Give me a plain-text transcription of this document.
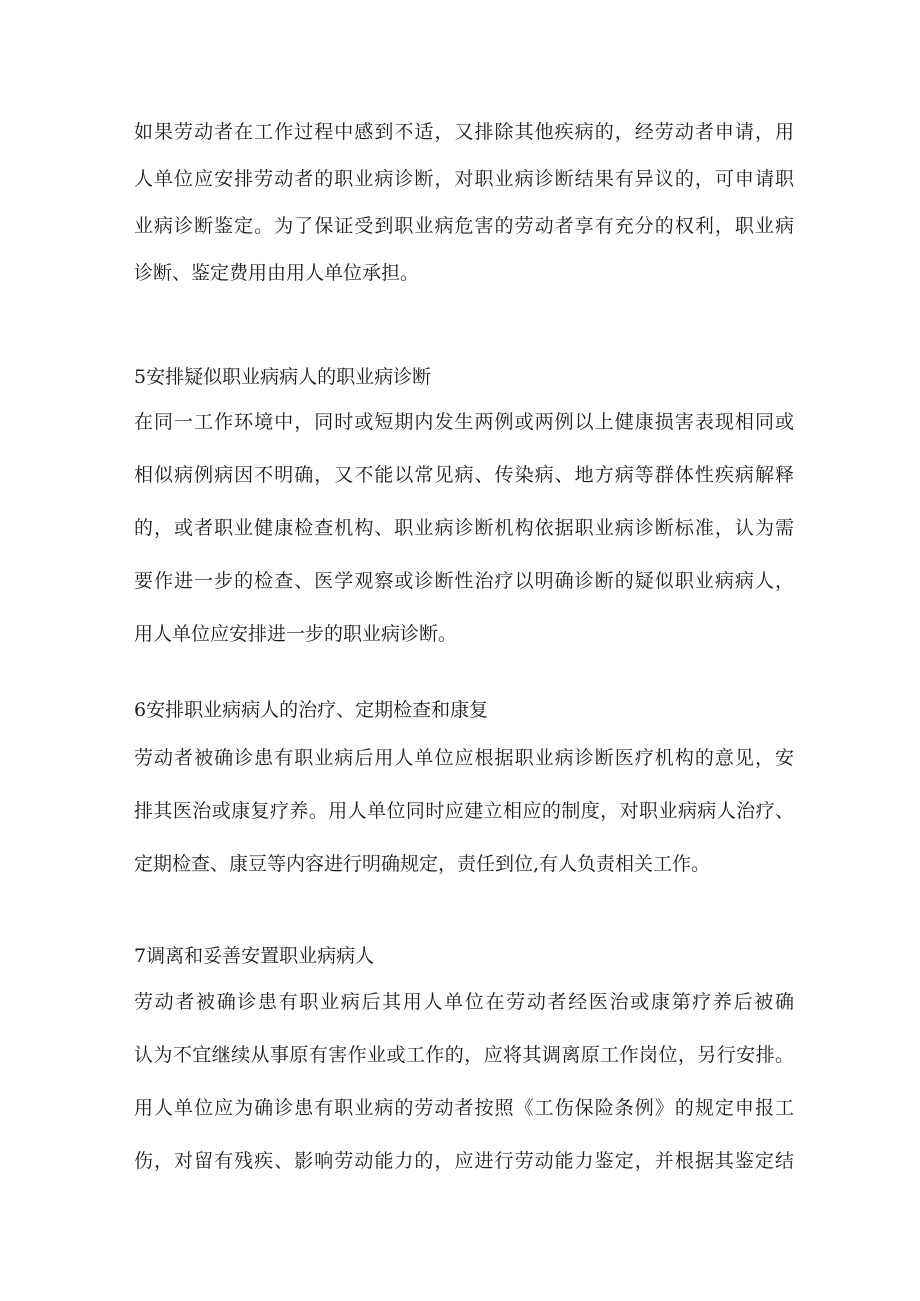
如果劳动者在工作过程中感到不适，又排除其他疾病的，经劳动者申请，用
人单位应安排劳动者的职业病诊断，对职业病诊断结果有异议的，可申请职
业病诊断鉴定。为了保证受到职业病危害的劳动者享有充分的权利，职业病
诊断、鉴定费用由用人单位承担。
5安排疑似职业病病人的职业病诊断
在同一工作环境中，同时或短期内发生两例或两例以上健康损害表现相同或
相似病例病因不明确，又不能以常见病、传染病、地方病等群体性疾病解释
的，或者职业健康检查机构、职业病诊断机构依据职业病诊断标准，认为需
要作进一步的检查、医学观察或诊断性治疗以明确诊断的疑似职业病病人，
用人单位应安排进一步的职业病诊断。
6安排职业病病人的治疗、定期检查和康复
劳动者被确诊患有职业病后用人单位应根据职业病诊断医疗机构的意见，安
排其医治或康复疗养。用人单位同时应建立相应的制度，对职业病病人治疗、
定期检查、康豆等内容进行明确规定，责任到位,有人负责相关工作。
7调离和妥善安置职业病病人
劳动者被确诊患有职业病后其用人单位在劳动者经医治或康第疗养后被确
认为不宜继续从事原有害作业或工作的，应将其调离原工作岗位，另行安排。
用人单位应为确诊患有职业病的劳动者按照《工伤保险条例》的规定申报工
伤，对留有残疾、影响劳动能力的，应进行劳动能力鉴定，并根据其鉴定结
